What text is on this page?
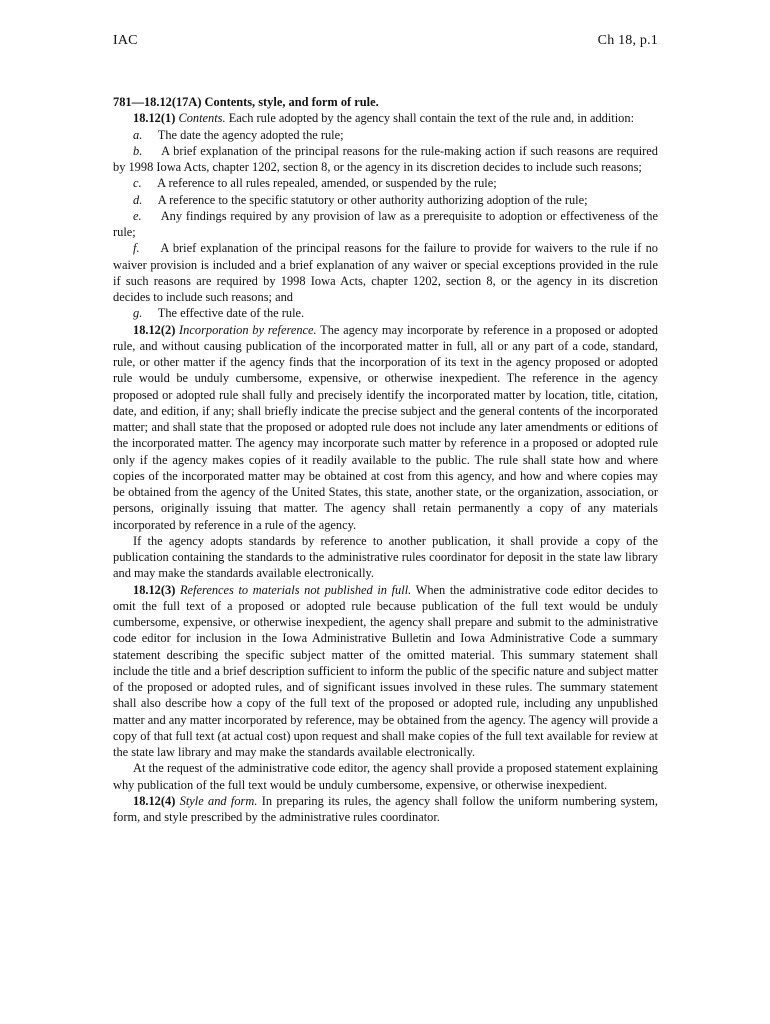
IAC	Ch 18, p.1

781—18.12(17A) Contents, style, and form of rule.

18.12(1) Contents. Each rule adopted by the agency shall contain the text of the rule and, in addition:

a. The date the agency adopted the rule;

b. A brief explanation of the principal reasons for the rule-making action if such reasons are required by 1998 Iowa Acts, chapter 1202, section 8, or the agency in its discretion decides to include such reasons;

c. A reference to all rules repealed, amended, or suspended by the rule;

d. A reference to the specific statutory or other authority authorizing adoption of the rule;

e. Any findings required by any provision of law as a prerequisite to adoption or effectiveness of the rule;

f. A brief explanation of the principal reasons for the failure to provide for waivers to the rule if no waiver provision is included and a brief explanation of any waiver or special exceptions provided in the rule if such reasons are required by 1998 Iowa Acts, chapter 1202, section 8, or the agency in its discretion decides to include such reasons; and

g. The effective date of the rule.

18.12(2) Incorporation by reference. The agency may incorporate by reference in a proposed or adopted rule, and without causing publication of the incorporated matter in full, all or any part of a code, standard, rule, or other matter if the agency finds that the incorporation of its text in the agency proposed or adopted rule would be unduly cumbersome, expensive, or otherwise inexpedient. The reference in the agency proposed or adopted rule shall fully and precisely identify the incorporated matter by location, title, citation, date, and edition, if any; shall briefly indicate the precise subject and the general contents of the incorporated matter; and shall state that the proposed or adopted rule does not include any later amendments or editions of the incorporated matter. The agency may incorporate such matter by reference in a proposed or adopted rule only if the agency makes copies of it readily available to the public. The rule shall state how and where copies of the incorporated matter may be obtained at cost from this agency, and how and where copies may be obtained from the agency of the United States, this state, another state, or the organization, association, or persons, originally issuing that matter. The agency shall retain permanently a copy of any materials incorporated by reference in a rule of the agency.

If the agency adopts standards by reference to another publication, it shall provide a copy of the publication containing the standards to the administrative rules coordinator for deposit in the state law library and may make the standards available electronically.

18.12(3) References to materials not published in full. When the administrative code editor decides to omit the full text of a proposed or adopted rule because publication of the full text would be unduly cumbersome, expensive, or otherwise inexpedient, the agency shall prepare and submit to the administrative code editor for inclusion in the Iowa Administrative Bulletin and Iowa Administrative Code a summary statement describing the specific subject matter of the omitted material. This summary statement shall include the title and a brief description sufficient to inform the public of the specific nature and subject matter of the proposed or adopted rules, and of significant issues involved in these rules. The summary statement shall also describe how a copy of the full text of the proposed or adopted rule, including any unpublished matter and any matter incorporated by reference, may be obtained from the agency. The agency will provide a copy of that full text (at actual cost) upon request and shall make copies of the full text available for review at the state law library and may make the standards available electronically.

At the request of the administrative code editor, the agency shall provide a proposed statement explaining why publication of the full text would be unduly cumbersome, expensive, or otherwise inexpedient.

18.12(4) Style and form. In preparing its rules, the agency shall follow the uniform numbering system, form, and style prescribed by the administrative rules coordinator.
